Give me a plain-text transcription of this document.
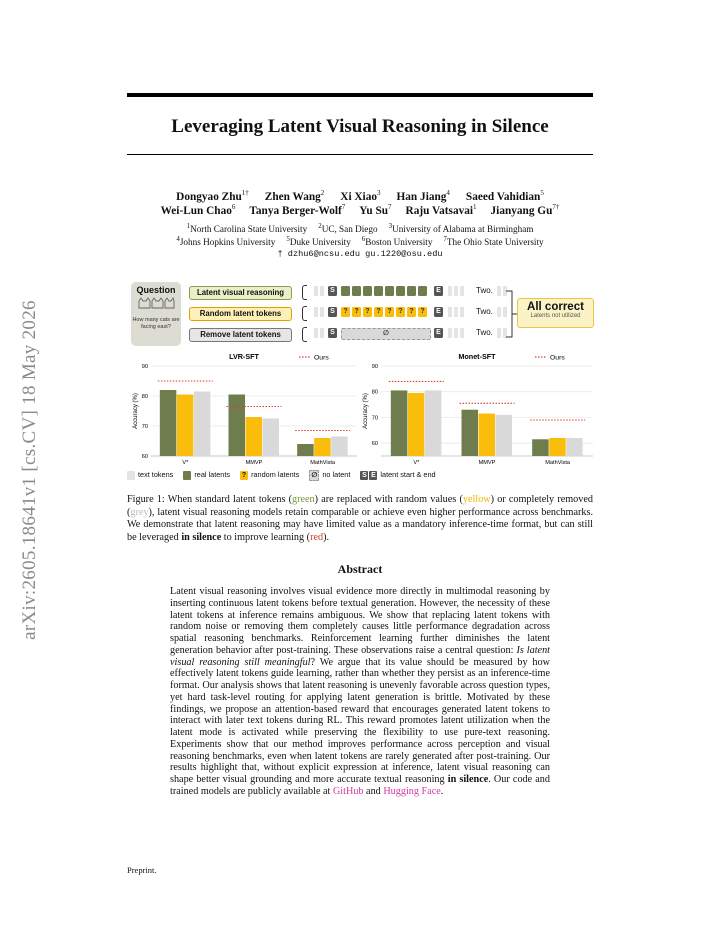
arXiv:2605.18641v1 [cs.CV] 18 May 2026
Leveraging Latent Visual Reasoning in Silence
Dongyao Zhu$^{1\dagger}$ Zhen Wang$^2$ Xi Xiao$^3$ Han Jiang$^4$ Saeed Vahidian$^5$
Wei-Lun Chao$^6$ Tanya Berger-Wolf$^7$ Yu Su$^7$ Raju Vatsavai$^1$ Jianyang $Gu^{7\dagger}$
$^1$North Carolina State University $^2$UC, San Diego $^3$University of Alabama at Birmingham
$^4$Johns Hopkins University $^5$Duke University $^6$Boston University $^7$The Ohio State University
† dzhu6@ncsu.edu gu.1220@osu.edu
Question
How many cats are facing east?
Latent visual reasoning	S	E	Two.
Random latent tokens	S	? ? ? ? ? ? ? ?	E	Two.
Remove latent tokens	S	∅	E	Two.
All correct
Latents not utilized
LVR-SFT	Ours
Accuracy (%)
60
70
80
90
V*	MMVP	MathVista
Monet-SFT	Ours
Accuracy (%)
60
70
80
90
V*	MMVP	MathVista
text tokens	real latents ? random latents ∅ no latent S E latent start & end
Figure 1: When standard latent tokens (green) are replaced with random values (yellow) or completely removed (grey), latent visual reasoning models retain comparable or achieve even higher performance across benchmarks. We demonstrate that latent reasoning may have limited value as a mandatory inference-time format, but can still be leveraged in silence to improve learning (red).
Abstract
Latent visual reasoning involves visual evidence more directly in multimodal reasoning by inserting continuous latent tokens before textual generation. However, the necessity of these latent tokens at inference remains ambiguous. We show that replacing latent tokens with random noise or removing them completely causes little performance degradation across spatial reasoning benchmarks. Reinforcement learning further diminishes the latent generation behavior after post-training. These observations raise a central question: Is latent visual reasoning still meaningful? We argue that its value should be measured by how effectively latent tokens guide learning, rather than whether they persist as an inference-time format. Our analysis shows that latent reasoning is unevenly favorable across question types, yet hard task-level routing for applying latent generation is brittle. Motivated by these findings, we propose an attention-based reward that encourages generated latent tokens to interact with later text tokens during RL. This reward promotes latent utilization when the latent mode is activated while preserving the flexibility to use pure-text reasoning. Experiments show that our method improves performance across perception and visual reasoning benchmarks, even when latent tokens are rarely generated after post-training. Our results highlight that, without explicit expression at inference, latent visual reasoning can shape better visual grounding and more accurate textual reasoning in silence. Our code and trained models are publicly available at GitHub and Hugging Face.
Preprint.
